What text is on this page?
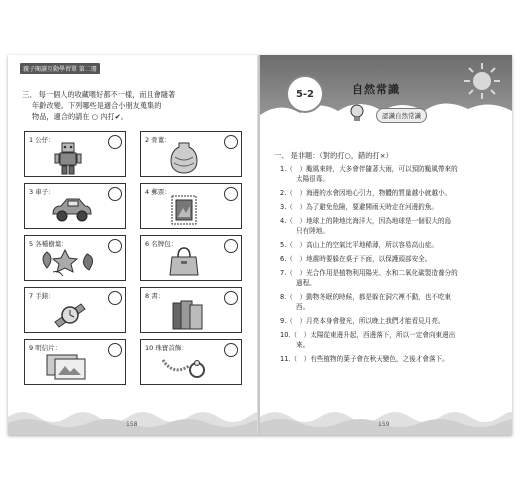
親子閱讀互動學習單 第二冊
三、 每一個人的收藏嗜好都不一樣，而且會隨著
年齡改變。下列哪些是適合小朋友蒐集的
物品，適合的請在 ○ 內打✔。
1 公仔：	2 骨董：
3 車子：	4 郵票：
5 各種樹葉：	6 名牌包：
7 手錶：	8 書：
9 明信片：	10 珠寶首飾：
158
5-2	自然常識
認識自然常識
一、 是非題：（對的打○，錯的打×）
1.（　）颱風來時，大多會伴隨著大雨，可以預防颱風帶來的
太陽很毒。
2.（　）海邊的水會因地心引力，物體的質量越小就越小。
3.（　）為了避免危險，要避開雨天時走在河邊釣魚。
4.（　）地球上的陸地比海洋大，因為地球是一個很大的島
只有陸地。
5.（　）高山上的空氣比平地稀薄，所以容易高山症。
6.（　）地震時要躲在桌子下面，以保護頭部安全。
7.（　）光合作用是植物利用陽光、水和二氧化碳製造養分的
過程。
8.（　）動物冬眠的時候，都是躲在洞穴裡不動，也不吃東
西。
9.（　）月亮本身會發光，所以晚上我們才能看見月亮。
10.（　）太陽從東邊升起，西邊落下，所以一定會向東邊出
來。
11.（　）有些植物的葉子會在秋天變色，之後才會落下。
159
